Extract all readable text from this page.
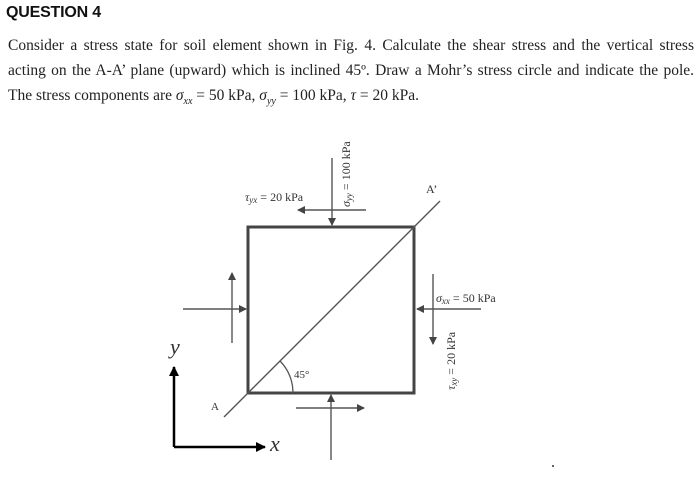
QUESTION 4
Consider a stress state for soil element shown in Fig. 4. Calculate the shear stress and the vertical stress
acting on the A-A’ plane (upward) which is inclined 45º. Draw a Mohr’s stress circle and indicate the pole.
The stress components are $\sigma_{xx} = 50$ kPa, $\sigma_{yy} = 100$ kPa, τ = 20 kPa.
45°
A
A’
τyx = 20 kPa
σyy = 100 kPa
σxx = 50 kPa
τxy = 20 kPa
y
x
